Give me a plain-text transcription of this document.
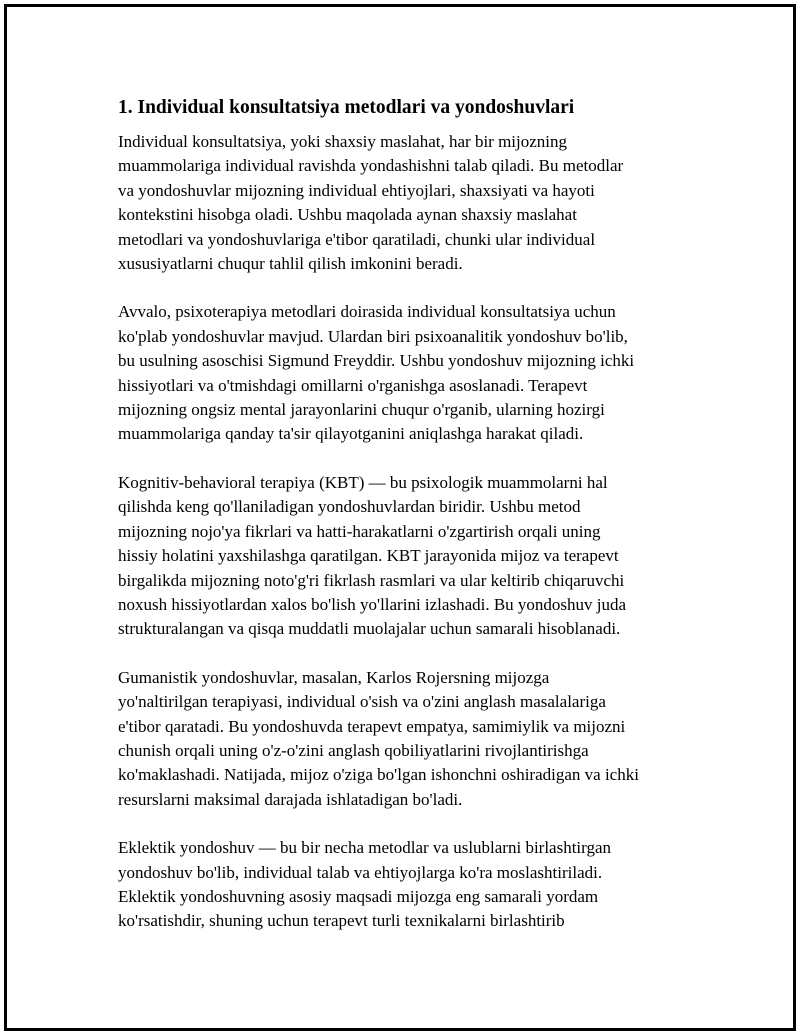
1. Individual konsultatsiya metodlari va yondoshuvlari

Individual konsultatsiya, yoki shaxsiy maslahat, har bir mijozning
muammolariga individual ravishda yondashishni talab qiladi. Bu metodlar
va yondoshuvlar mijozning individual ehtiyojlari, shaxsiyati va hayoti
kontekstini hisobga oladi. Ushbu maqolada aynan shaxsiy maslahat
metodlari va yondoshuvlariga e'tibor qaratiladi, chunki ular individual
xususiyatlarni chuqur tahlil qilish imkonini beradi.

Avvalo, psixoterapiya metodlari doirasida individual konsultatsiya uchun
ko'plab yondoshuvlar mavjud. Ulardan biri psixoanalitik yondoshuv bo'lib,
bu usulning asoschisi Sigmund Freyddir. Ushbu yondoshuv mijozning ichki
hissiyotlari va o'tmishdagi omillarni o'rganishga asoslanadi. Terapevt
mijozning ongsiz mental jarayonlarini chuqur o'rganib, ularning hozirgi
muammolariga qanday ta'sir qilayotganini aniqlashga harakat qiladi.

Kognitiv-behavioral terapiya (KBT) — bu psixologik muammolarni hal
qilishda keng qo'llaniladigan yondoshuvlardan biridir. Ushbu metod
mijozning nojo'ya fikrlari va hatti-harakatlarni o'zgartirish orqali uning
hissiy holatini yaxshilashga qaratilgan. KBT jarayonida mijoz va terapevt
birgalikda mijozning noto'g'ri fikrlash rasmlari va ular keltirib chiqaruvchi
noxush hissiyotlardan xalos bo'lish yo'llarini izlashadi. Bu yondoshuv juda
strukturalangan va qisqa muddatli muolajalar uchun samarali hisoblanadi.

Gumanistik yondoshuvlar, masalan, Karlos Rojersning mijozga
yo'naltirilgan terapiyasi, individual o'sish va o'zini anglash masalalariga
e'tibor qaratadi. Bu yondoshuvda terapevt empatya, samimiylik va mijozni
chunish orqali uning o'z-o'zini anglash qobiliyatlarini rivojlantirishga
ko'maklashadi. Natijada, mijoz o'ziga bo'lgan ishonchni oshiradigan va ichki
resurslarni maksimal darajada ishlatadigan bo'ladi.

Eklektik yondoshuv — bu bir necha metodlar va uslublarni birlashtirgan
yondoshuv bo'lib, individual talab va ehtiyojlarga ko'ra moslashtiriladi.
Eklektik yondoshuvning asosiy maqsadi mijozga eng samarali yordam
ko'rsatishdir, shuning uchun terapevt turli texnikalarni birlashtirib
